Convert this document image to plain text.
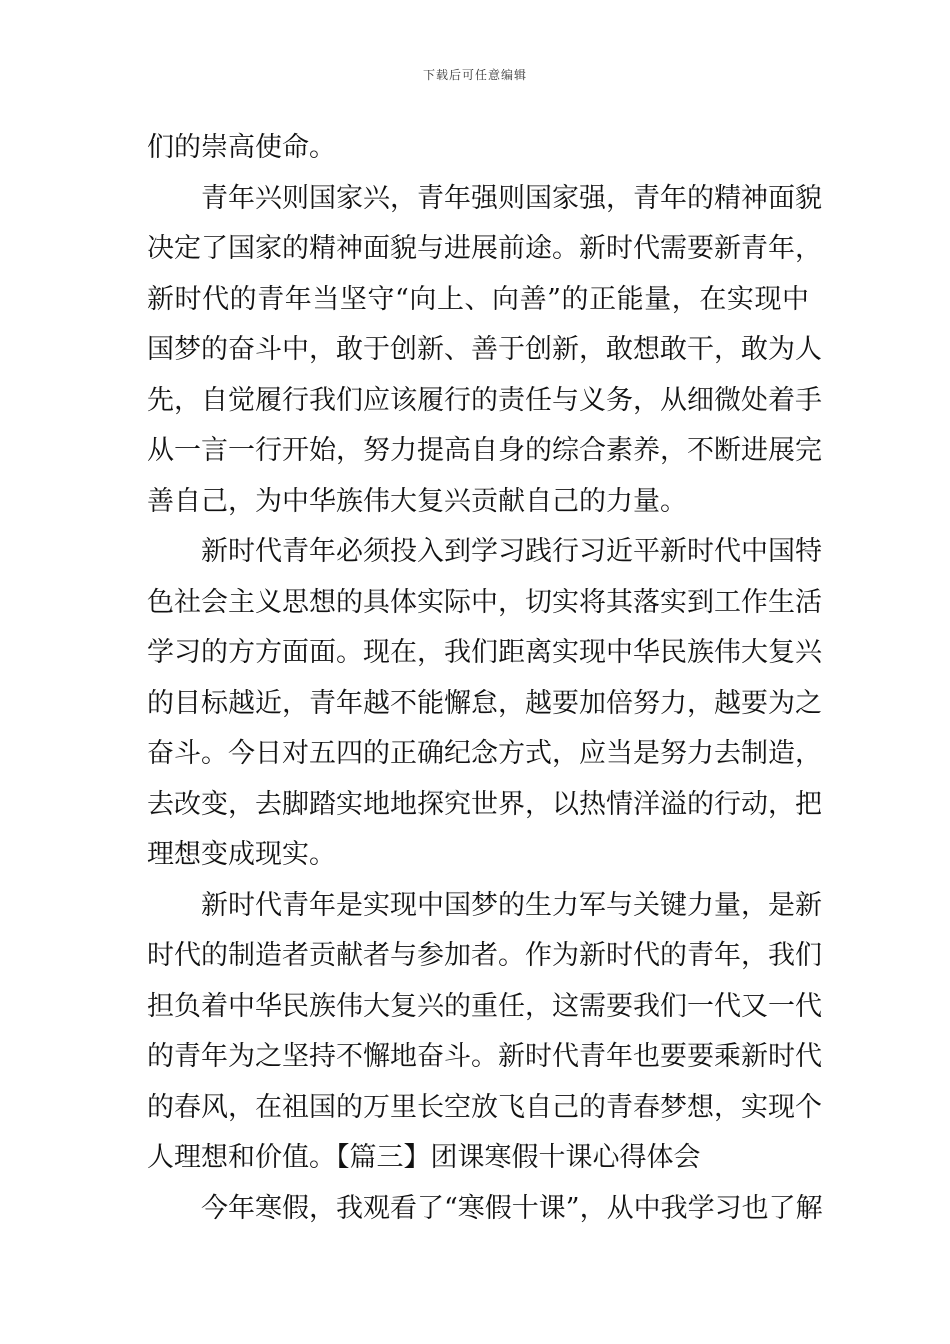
下载后可任意编辑
们的崇高使命。
青年兴则国家兴，青年强则国家强，青年的精神面貌
决定了国家的精神面貌与进展前途。新时代需要新青年，
新时代的青年当坚守“向上、向善”的正能量，在实现中
国梦的奋斗中，敢于创新、善于创新，敢想敢干，敢为人
先，自觉履行我们应该履行的责任与义务，从细微处着手
从一言一行开始，努力提高自身的综合素养，不断进展完
善自己，为中华族伟大复兴贡献自己的力量。
新时代青年必须投入到学习践行习近平新时代中国特
色社会主义思想的具体实际中，切实将其落实到工作生活
学习的方方面面。现在，我们距离实现中华民族伟大复兴
的目标越近，青年越不能懈怠，越要加倍努力，越要为之
奋斗。今日对五四的正确纪念方式，应当是努力去制造，
去改变，去脚踏实地地探究世界，以热情洋溢的行动，把
理想变成现实。
新时代青年是实现中国梦的生力军与关键力量，是新
时代的制造者贡献者与参加者。作为新时代的青年，我们
担负着中华民族伟大复兴的重任，这需要我们一代又一代
的青年为之坚持不懈地奋斗。新时代青年也要要乘新时代
的春风，在祖国的万里长空放飞自己的青春梦想，实现个
人理想和价值。【篇三】团课寒假十课心得体会
今年寒假，我观看了“寒假十课”，从中我学习也了解
